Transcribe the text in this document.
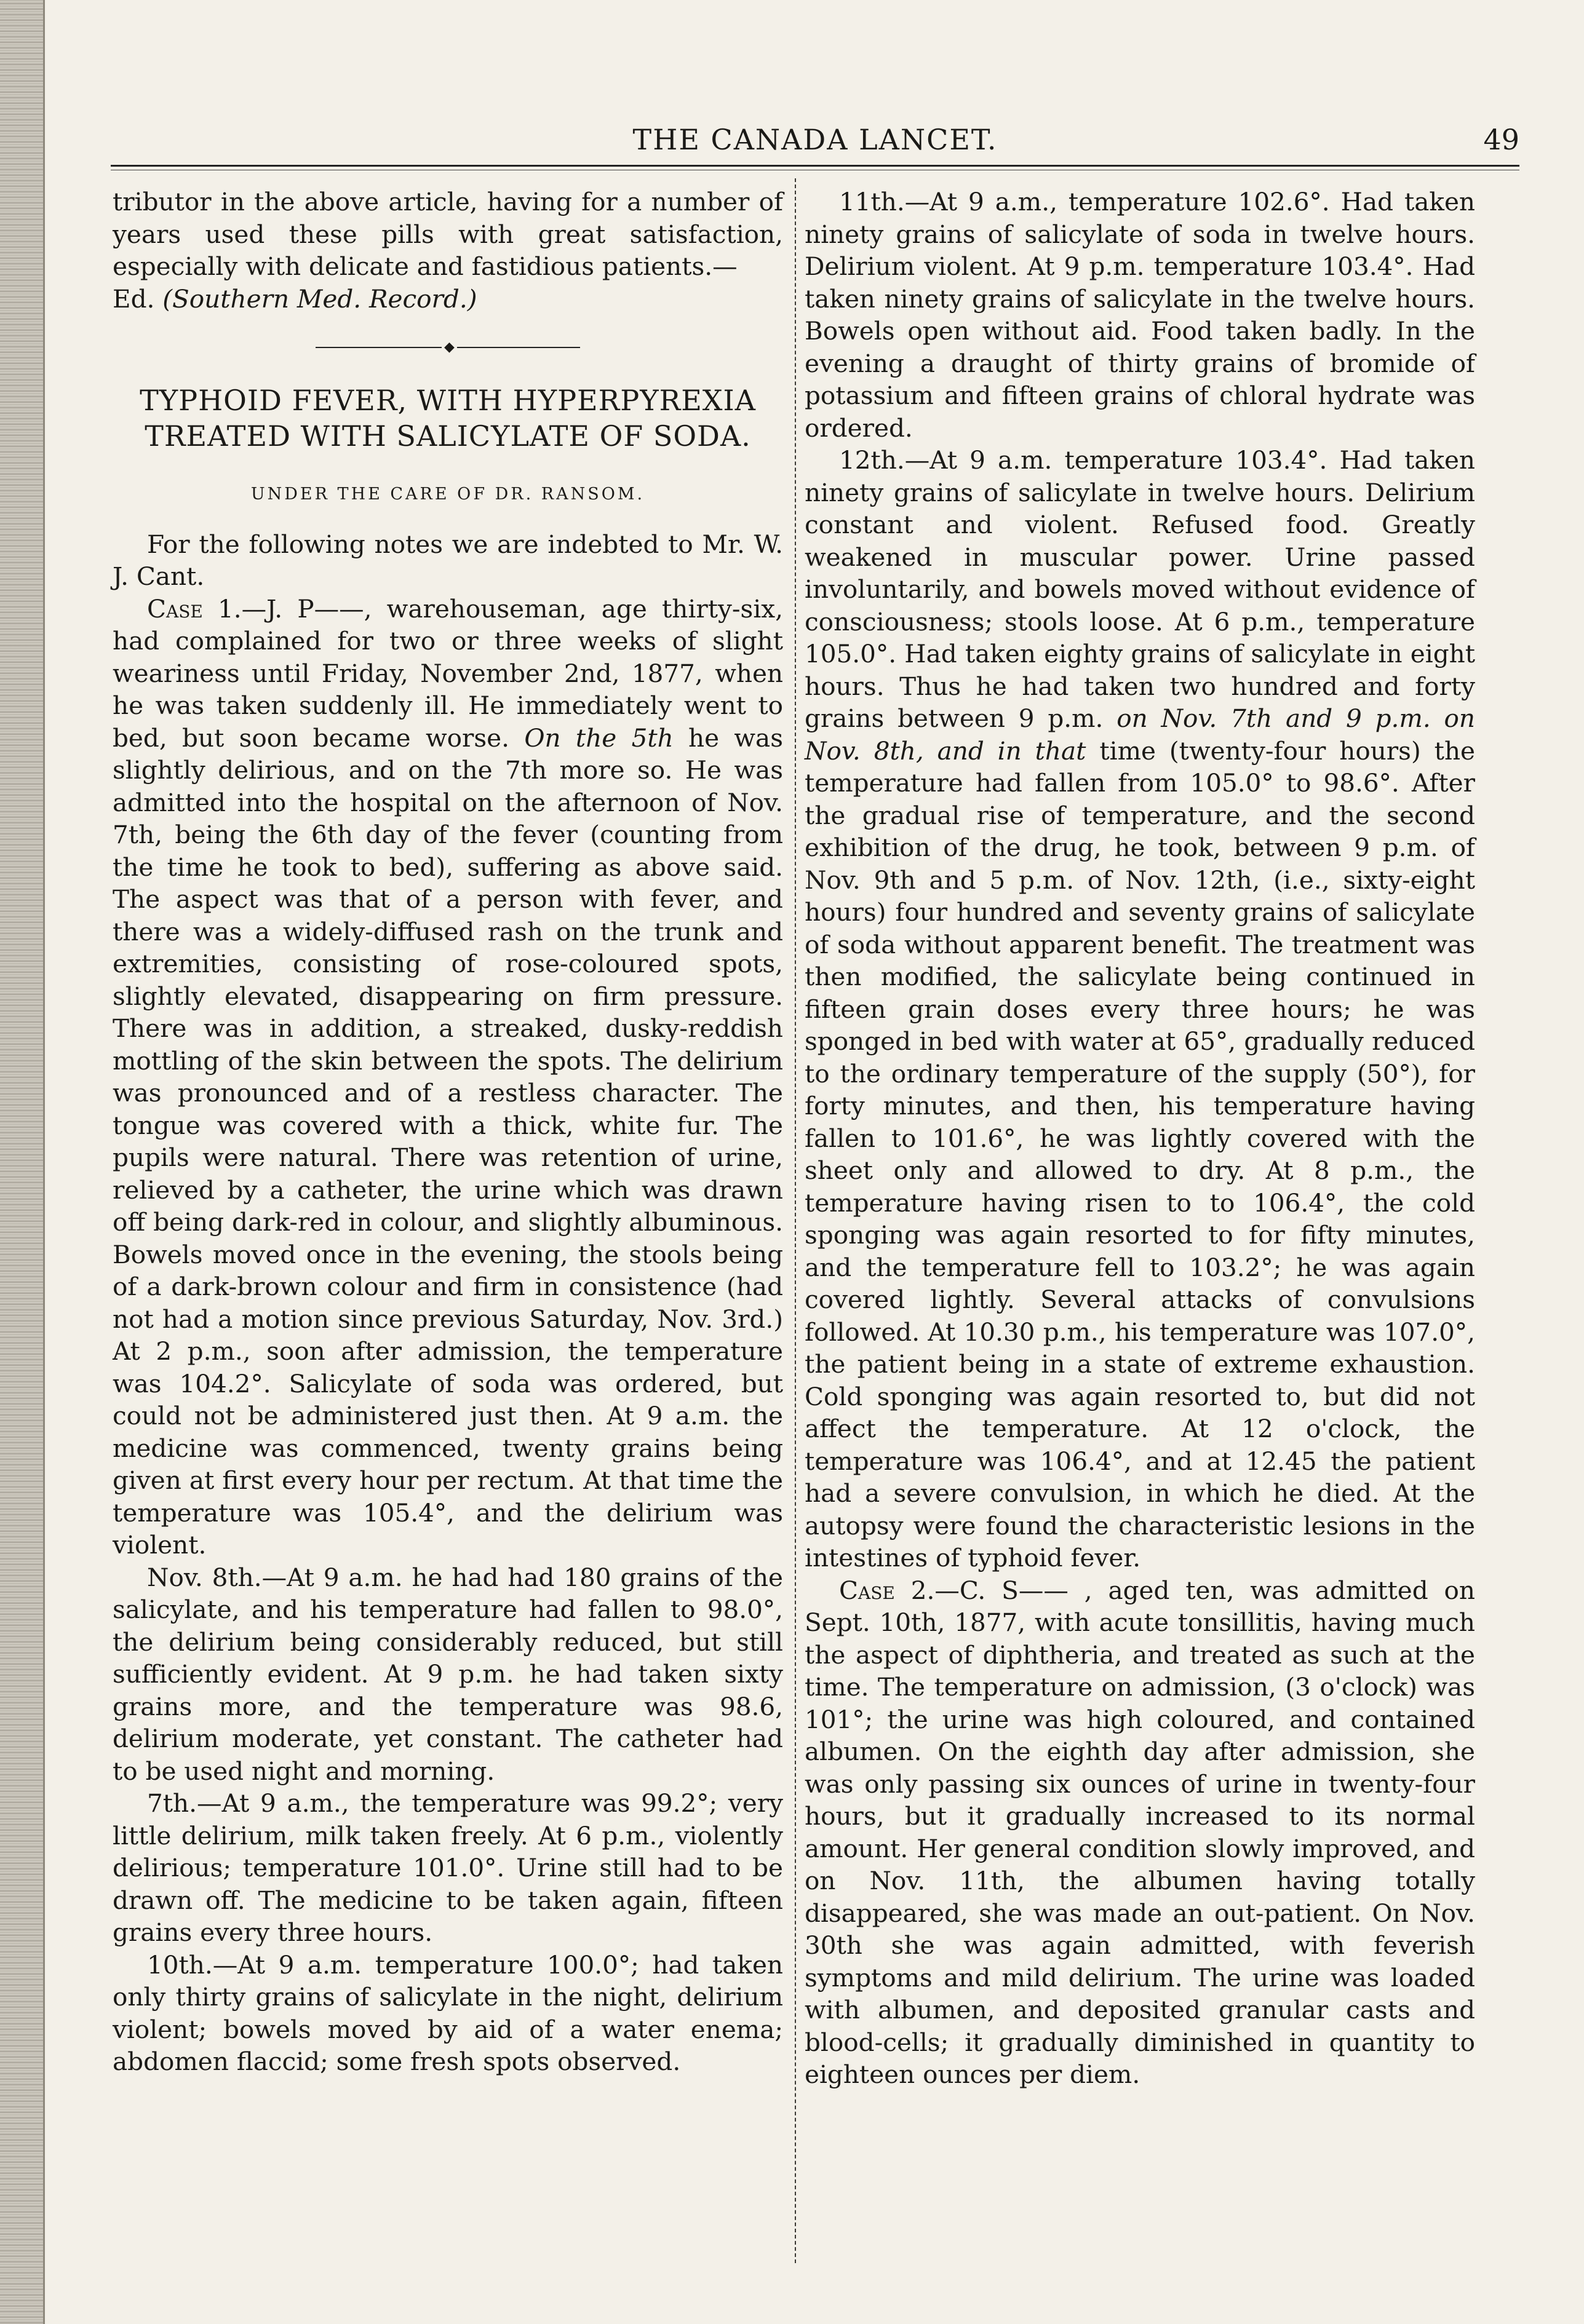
THE CANADA LANCET.	49

tributor in the above article, having for a number of years used these pills with great satisfaction, especially with delicate and fastidious patients.—

Ed. (Southern Med. Record.)

◆
TYPHOID FEVER, WITH HYPERPYREXIA
TREATED WITH SALICYLATE OF SODA.
UNDER THE CARE OF DR. RANSOM.

For the following notes we are indebted to Mr. W. J. Cant.

Case 1.—J. P——, warehouseman, age thirty-six, had complained for two or three weeks of slight weariness until Friday, November 2nd, 1877, when he was taken suddenly ill. He immediately went to bed, but soon became worse. On the 5th he was slightly delirious, and on the 7th more so. He was admitted into the hospital on the afternoon of Nov. 7th, being the 6th day of the fever (counting from the time he took to bed), suffering as above said. The aspect was that of a person with fever, and there was a widely-diffused rash on the trunk and extremities, consisting of rose-coloured spots, slightly elevated, disappearing on firm pressure. There was in addition, a streaked, dusky-reddish mottling of the skin between the spots. The delirium was pronounced and of a restless character. The tongue was covered with a thick, white fur. The pupils were natural. There was retention of urine, relieved by a catheter, the urine which was drawn off being dark-red in colour, and slightly albuminous. Bowels moved once in the evening, the stools being of a dark-brown colour and firm in consistence (had not had a motion since previous Saturday, Nov. 3rd.) At 2 p.m., soon after admission, the temperature was 104.2°. Salicylate of soda was ordered, but could not be administered just then. At 9 a.m. the medicine was commenced, twenty grains being given at first every hour per rectum. At that time the temperature was 105.4°, and the delirium was violent.

Nov. 8th.—At 9 a.m. he had had 180 grains of the salicylate, and his temperature had fallen to 98.0°, the delirium being considerably reduced, but still sufficiently evident. At 9 p.m. he had taken sixty grains more, and the temperature was 98.6, delirium moderate, yet constant. The catheter had to be used night and morning.

7th.—At 9 a.m., the temperature was 99.2°; very little delirium, milk taken freely. At 6 p.m., violently delirious; temperature 101.0°. Urine still had to be drawn off. The medicine to be taken again, fifteen grains every three hours.

10th.—At 9 a.m. temperature 100.0°; had taken only thirty grains of salicylate in the night, delirium violent; bowels moved by aid of a water enema; abdomen flaccid; some fresh spots observed.

11th.—At 9 a.m., temperature 102.6°. Had taken ninety grains of salicylate of soda in twelve hours. Delirium violent. At 9 p.m. temperature 103.4°. Had taken ninety grains of salicylate in the twelve hours. Bowels open without aid. Food taken badly. In the evening a draught of thirty grains of bromide of potassium and fifteen grains of chloral hydrate was ordered.

12th.—At 9 a.m. temperature 103.4°. Had taken ninety grains of salicylate in twelve hours. Delirium constant and violent. Refused food. Greatly weakened in muscular power. Urine passed involuntarily, and bowels moved without evidence of consciousness; stools loose. At 6 p.m., temperature 105.0°. Had taken eighty grains of salicylate in eight hours. Thus he had taken two hundred and forty grains between 9 p.m. on Nov. 7th and 9 p.m. on Nov. 8th, and in that time (twenty-four hours) the temperature had fallen from 105.0° to 98.6°. After the gradual rise of temperature, and the second exhibition of the drug, he took, between 9 p.m. of Nov. 9th and 5 p.m. of Nov. 12th, (i.e., sixty-eight hours) four hundred and seventy grains of salicylate of soda without apparent benefit. The treatment was then modified, the salicylate being continued in fifteen grain doses every three hours; he was sponged in bed with water at 65°, gradually reduced to the ordinary temperature of the supply (50°), for forty minutes, and then, his temperature having fallen to 101.6°, he was lightly covered with the sheet only and allowed to dry. At 8 p.m., the temperature having risen to to 106.4°, the cold sponging was again resorted to for fifty minutes, and the temperature fell to 103.2°; he was again covered lightly. Several attacks of convulsions followed. At 10.30 p.m., his temperature was 107.0°, the patient being in a state of extreme exhaustion. Cold sponging was again resorted to, but did not affect the temperature. At 12 o'clock, the temperature was 106.4°, and at 12.45 the patient had a severe convulsion, in which he died. At the autopsy were found the characteristic lesions in the intestines of typhoid fever.

Case 2.—C. S—— , aged ten, was admitted on Sept. 10th, 1877, with acute tonsillitis, having much the aspect of diphtheria, and treated as such at the time. The temperature on admission, (3 o'clock) was 101°; the urine was high coloured, and contained albumen. On the eighth day after admission, she was only passing six ounces of urine in twenty-four hours, but it gradually increased to its normal amount. Her general condition slowly improved, and on Nov. 11th, the albumen having totally disappeared, she was made an out-patient. On Nov. 30th she was again admitted, with feverish symptoms and mild delirium. The urine was loaded with albumen, and deposited granular casts and blood-cells; it gradually diminished in quantity to eighteen ounces per diem.
